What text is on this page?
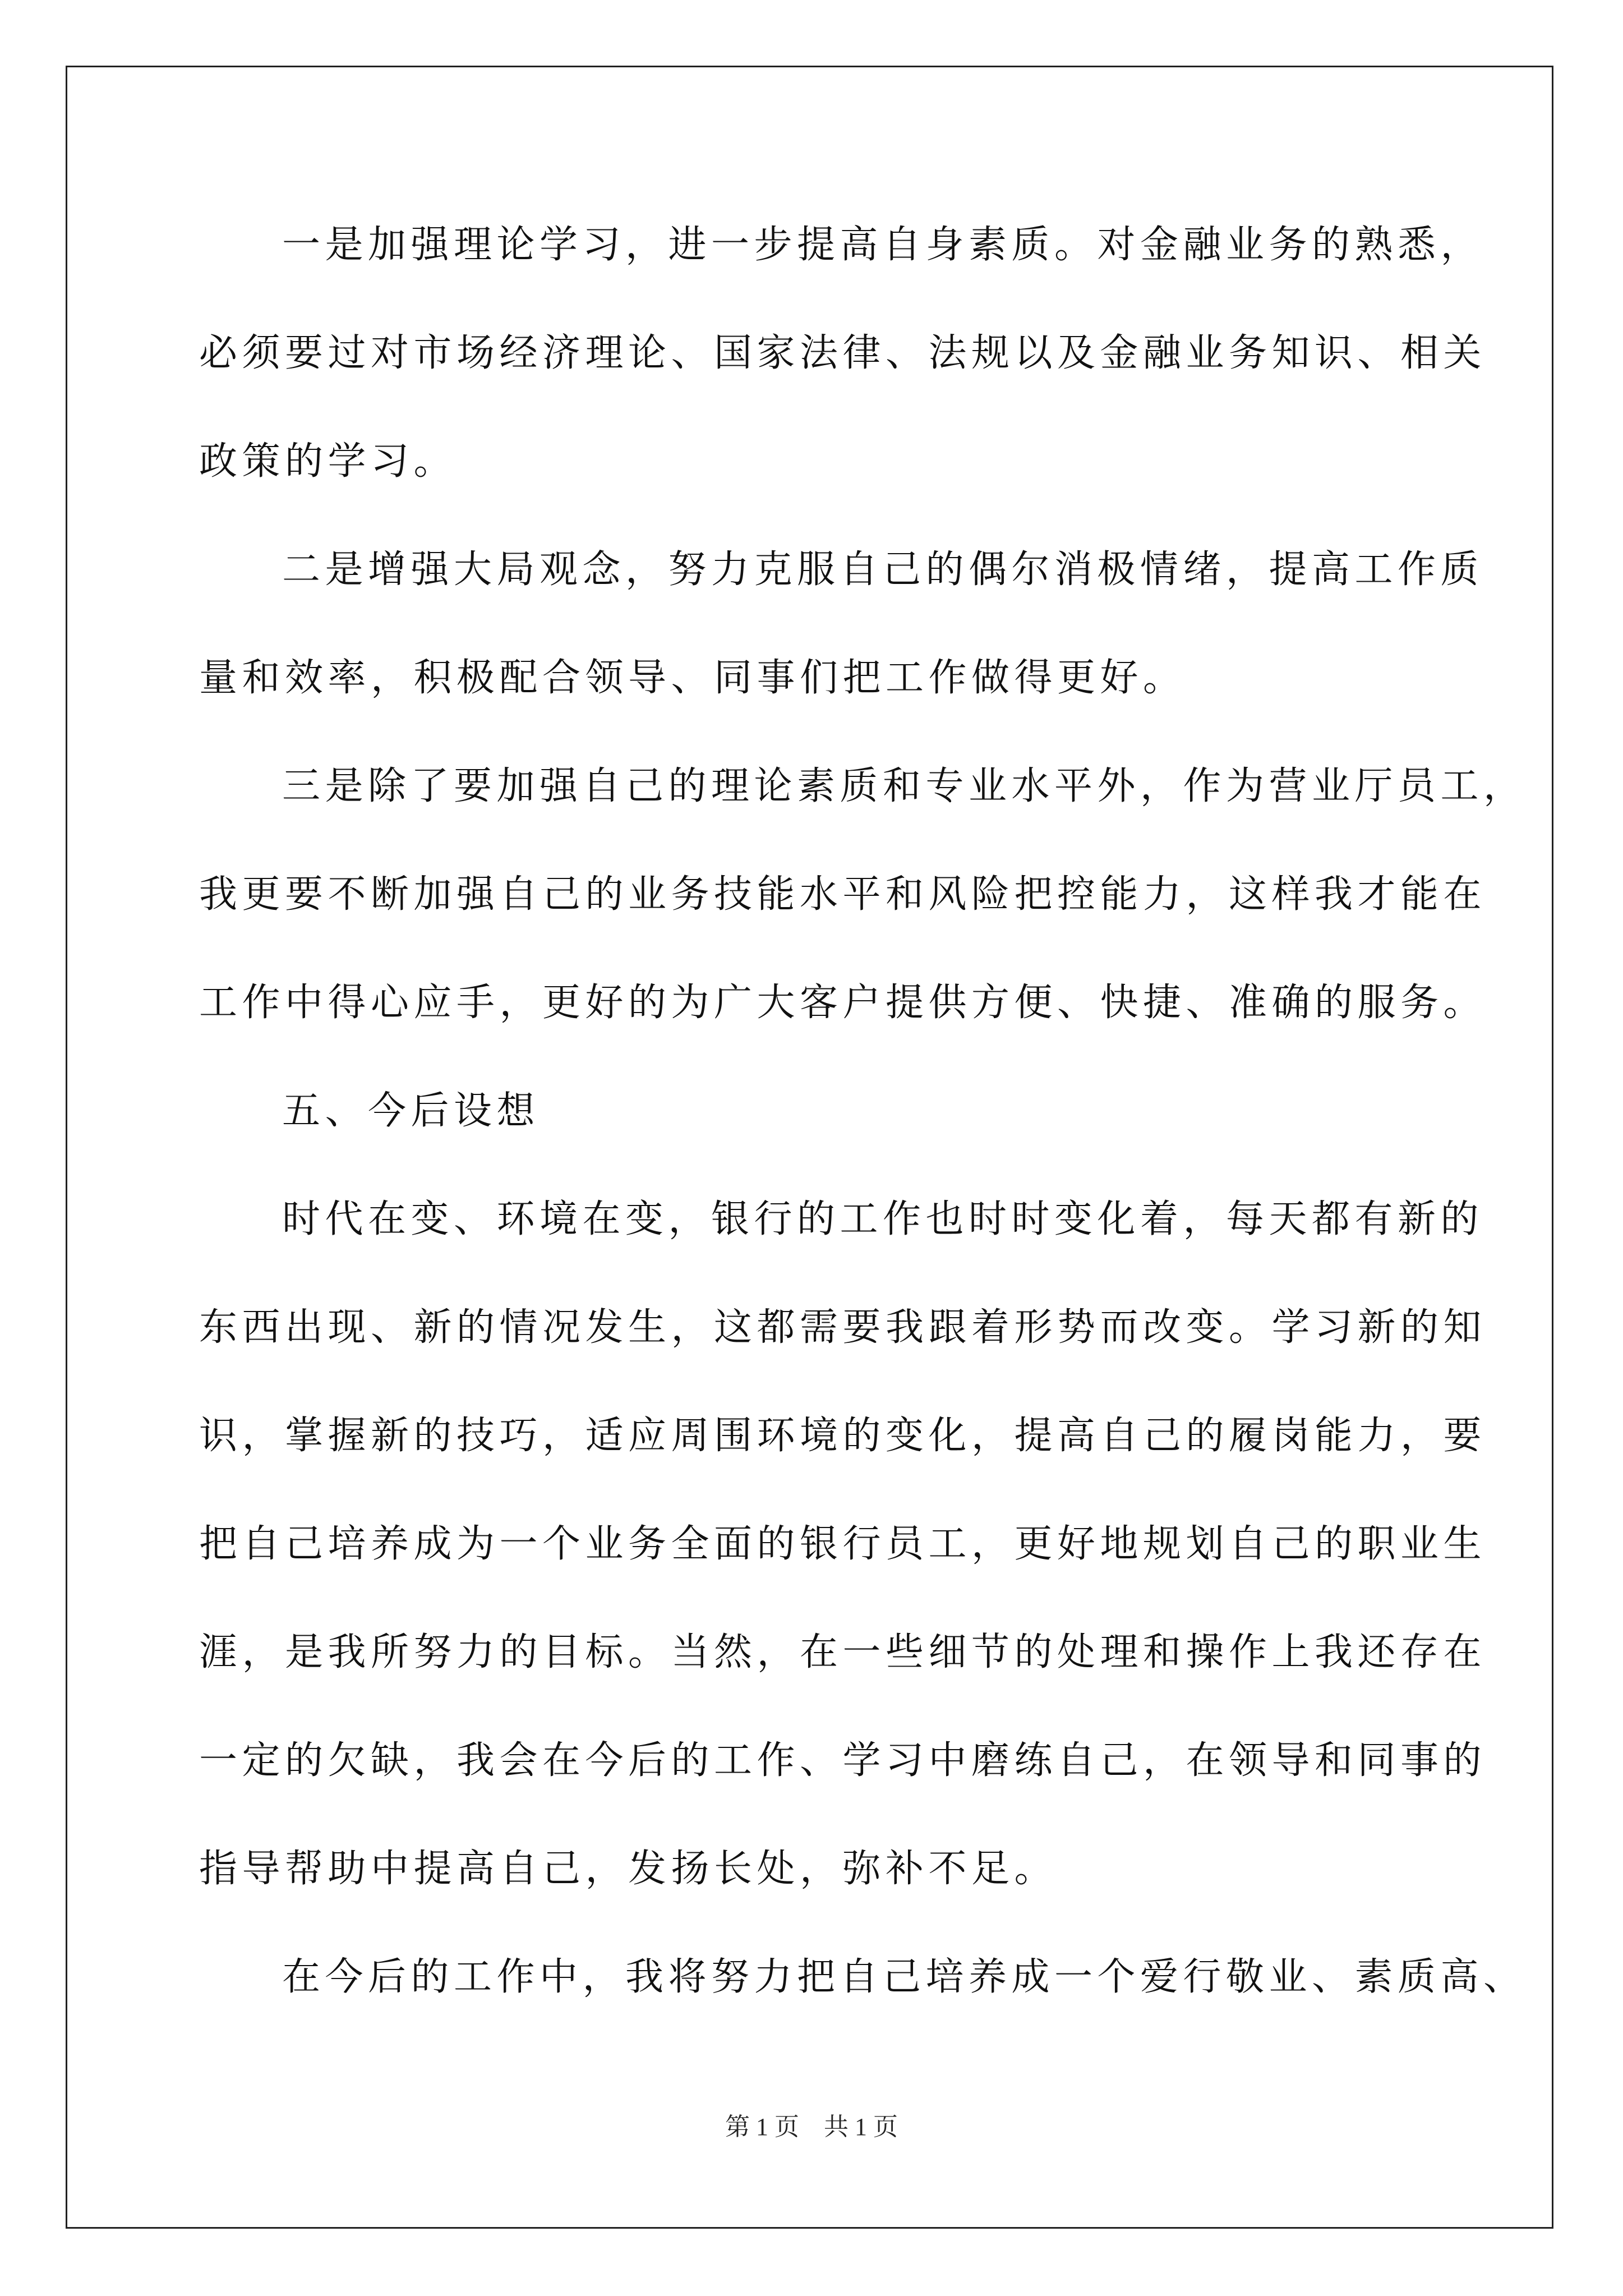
一是加强理论学习，进一步提高自身素质。对金融业务的熟悉，
必须要过对市场经济理论、国家法律、法规以及金融业务知识、相关
政策的学习。
二是增强大局观念，努力克服自己的偶尔消极情绪，提高工作质
量和效率，积极配合领导、同事们把工作做得更好。
三是除了要加强自己的理论素质和专业水平外，作为营业厅员工，
我更要不断加强自己的业务技能水平和风险把控能力，这样我才能在
工作中得心应手，更好的为广大客户提供方便、快捷、准确的服务。
五、今后设想
时代在变、环境在变，银行的工作也时时变化着，每天都有新的
东西出现、新的情况发生，这都需要我跟着形势而改变。学习新的知
识，掌握新的技巧，适应周围环境的变化，提高自己的履岗能力，要
把自己培养成为一个业务全面的银行员工，更好地规划自己的职业生
涯，是我所努力的目标。当然，在一些细节的处理和操作上我还存在
一定的欠缺，我会在今后的工作、学习中磨练自己，在领导和同事的
指导帮助中提高自己，发扬长处，弥补不足。
在今后的工作中，我将努力把自己培养成一个爱行敬业、素质高、
第 1 页　共 1 页
